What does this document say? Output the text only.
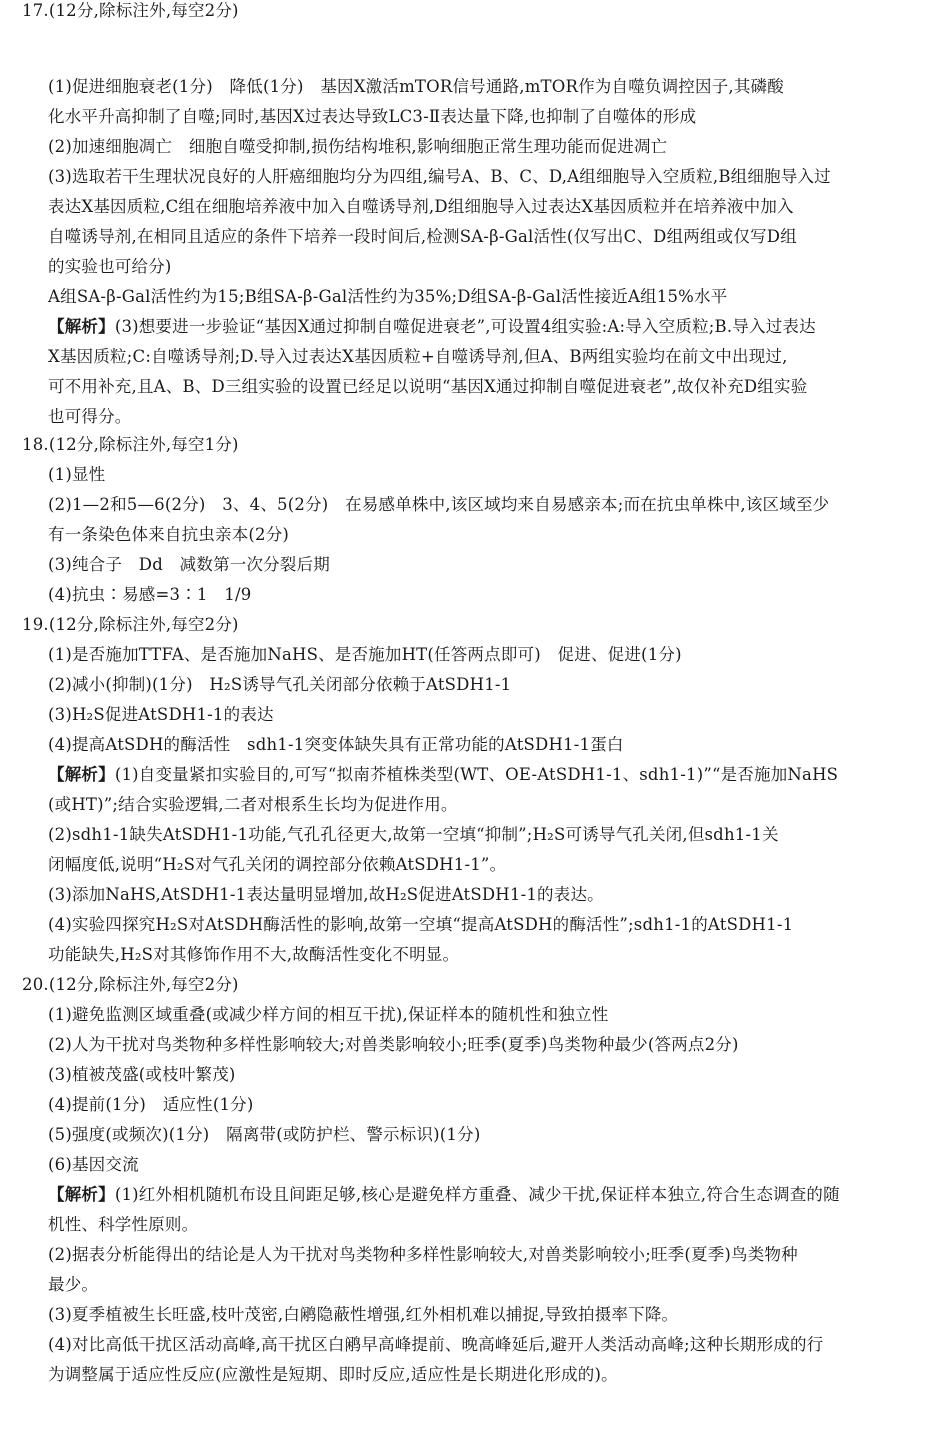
17.(12分,除标注外,每空2分)
(1)促进细胞衰老(1分)　降低(1分)　基因X激活mTOR信号通路,mTOR作为自噬负调控因子,其磷酸
化水平升高抑制了自噬;同时,基因X过表达导致LC3-Ⅱ表达量下降,也抑制了自噬体的形成
(2)加速细胞凋亡　细胞自噬受抑制,损伤结构堆积,影响细胞正常生理功能而促进凋亡
(3)选取若干生理状况良好的人肝癌细胞均分为四组,编号A、B、C、D,A组细胞导入空质粒,B组细胞导入过
表达X基因质粒,C组在细胞培养液中加入自噬诱导剂,D组细胞导入过表达X基因质粒并在培养液中加入
自噬诱导剂,在相同且适应的条件下培养一段时间后,检测SA-β-Gal活性(仅写出C、D组两组或仅写D组
的实验也可给分)
A组SA-β-Gal活性约为15;B组SA-β-Gal活性约为35%;D组SA-β-Gal活性接近A组15%水平
【解析】(3)想要进一步验证“基因X通过抑制自噬促进衰老”,可设置4组实验:A:导入空质粒;B.导入过表达
X基因质粒;C:自噬诱导剂;D.导入过表达X基因质粒+自噬诱导剂,但A、B两组实验均在前文中出现过,
可不用补充,且A、B、D三组实验的设置已经足以说明“基因X通过抑制自噬促进衰老”,故仅补充D组实验
也可得分。
18.(12分,除标注外,每空1分)
(1)显性
(2)1—2和5—6(2分)　3、4、5(2分)　在易感单株中,该区域均来自易感亲本;而在抗虫单株中,该区域至少
有一条染色体来自抗虫亲本(2分)
(3)纯合子　Dd　减数第一次分裂后期
(4)抗虫∶易感=3∶1　1/9
19.(12分,除标注外,每空2分)
(1)是否施加TTFA、是否施加NaHS、是否施加HT(任答两点即可)　促进、促进(1分)
(2)减小(抑制)(1分)　H₂S诱导气孔关闭部分依赖于AtSDH1-1
(3)H₂S促进AtSDH1-1的表达
(4)提高AtSDH的酶活性　sdh1-1突变体缺失具有正常功能的AtSDH1-1蛋白
【解析】(1)自变量紧扣实验目的,可写“拟南芥植株类型(WT、OE-AtSDH1-1、sdh1-1)”“是否施加NaHS
(或HT)”;结合实验逻辑,二者对根系生长均为促进作用。
(2)sdh1-1缺失AtSDH1-1功能,气孔孔径更大,故第一空填“抑制”;H₂S可诱导气孔关闭,但sdh1-1关
闭幅度低,说明“H₂S对气孔关闭的调控部分依赖AtSDH1-1”。
(3)添加NaHS,AtSDH1-1表达量明显增加,故H₂S促进AtSDH1-1的表达。
(4)实验四探究H₂S对AtSDH酶活性的影响,故第一空填“提高AtSDH的酶活性”;sdh1-1的AtSDH1-1
功能缺失,H₂S对其修饰作用不大,故酶活性变化不明显。
20.(12分,除标注外,每空2分)
(1)避免监测区域重叠(或减少样方间的相互干扰),保证样本的随机性和独立性
(2)人为干扰对鸟类物种多样性影响较大;对兽类影响较小;旺季(夏季)鸟类物种最少(答两点2分)
(3)植被茂盛(或枝叶繁茂)
(4)提前(1分)　适应性(1分)
(5)强度(或频次)(1分)　隔离带(或防护栏、警示标识)(1分)
(6)基因交流
【解析】(1)红外相机随机布设且间距足够,核心是避免样方重叠、减少干扰,保证样本独立,符合生态调查的随
机性、科学性原则。
(2)据表分析能得出的结论是人为干扰对鸟类物种多样性影响较大,对兽类影响较小;旺季(夏季)鸟类物种
最少。
(3)夏季植被生长旺盛,枝叶茂密,白鹇隐蔽性增强,红外相机难以捕捉,导致拍摄率下降。
(4)对比高低干扰区活动高峰,高干扰区白鹇早高峰提前、晚高峰延后,避开人类活动高峰;这种长期形成的行
为调整属于适应性反应(应激性是短期、即时反应,适应性是长期进化形成的)。
